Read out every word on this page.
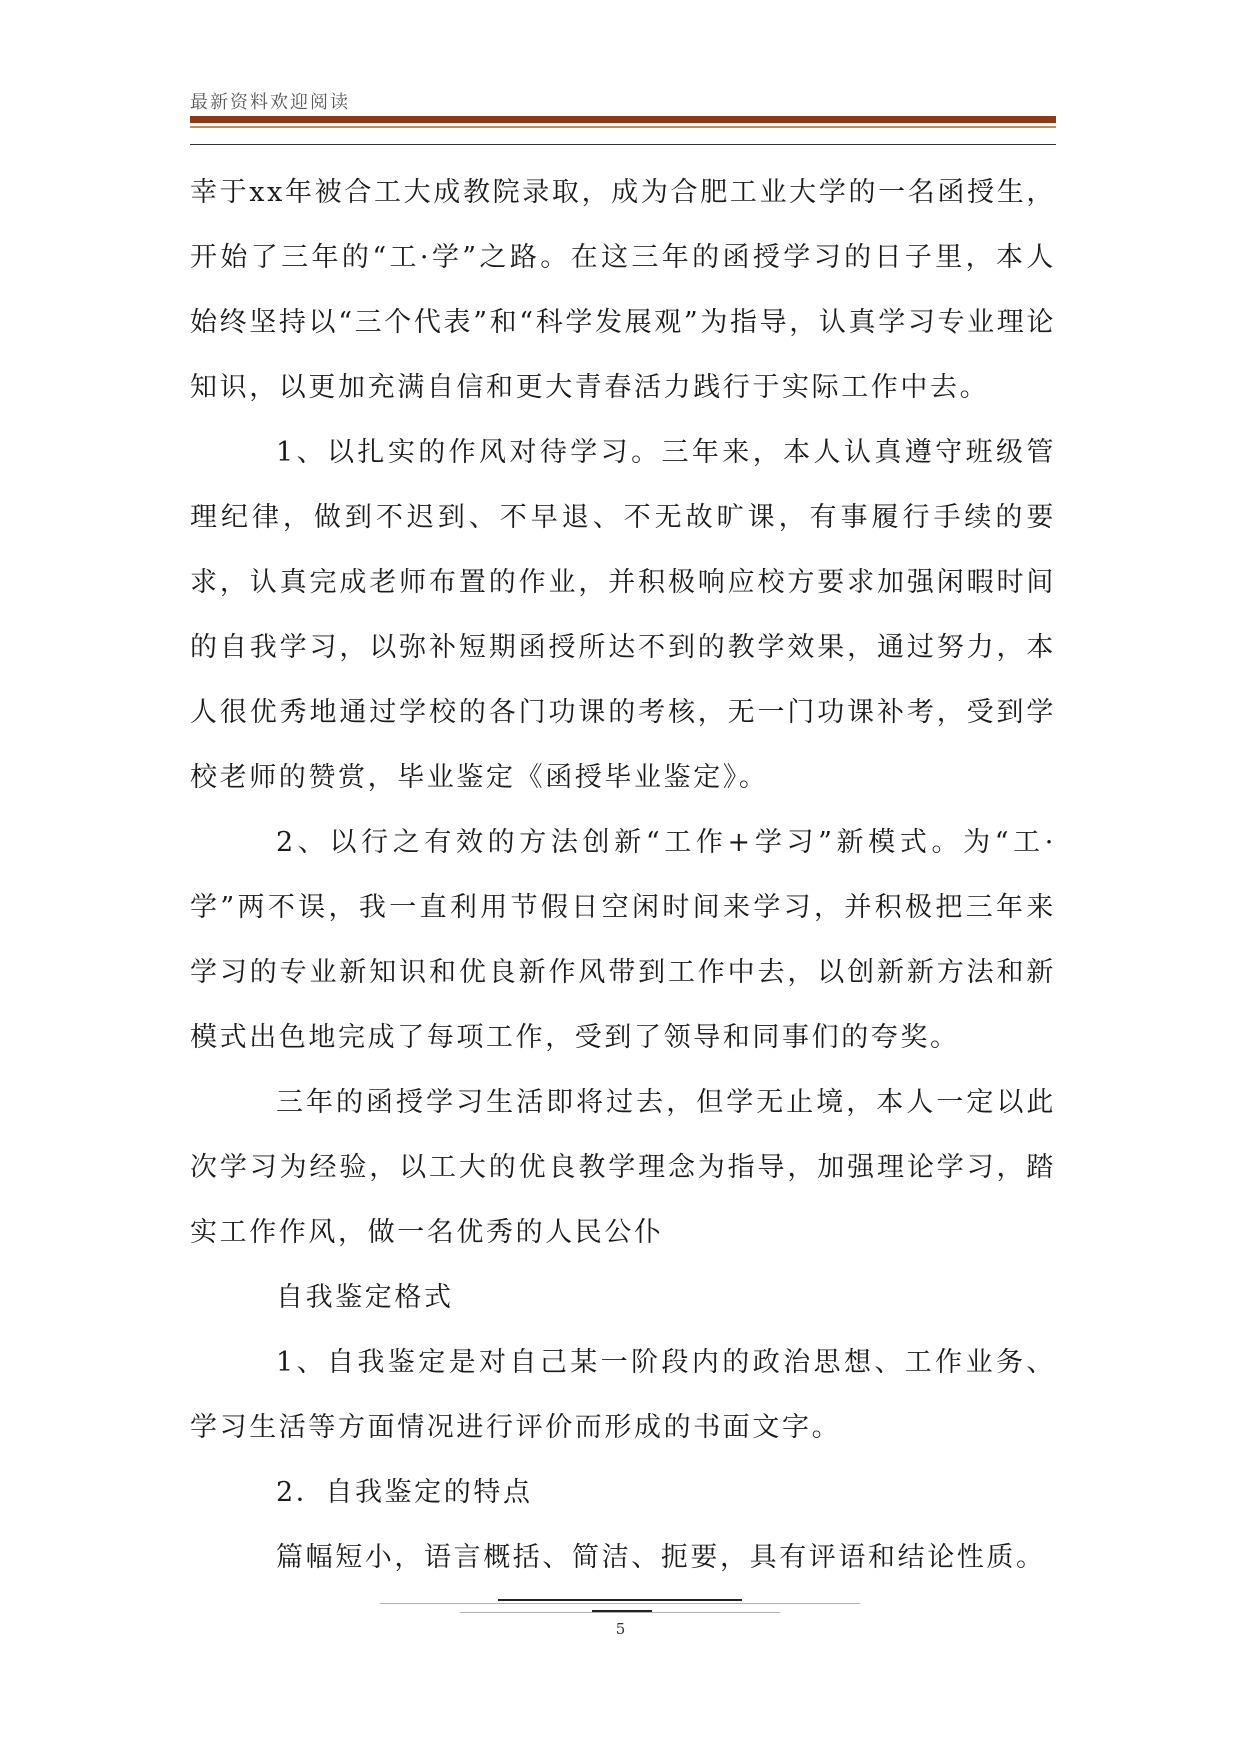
最新资料欢迎阅读

幸于xx年被合工大成教院录取，成为合肥工业大学的一名函授生，开始了三年的“工·学”之路。在这三年的函授学习的日子里，本人始终坚持以“三个代表”和“科学发展观”为指导，认真学习专业理论知识，以更加充满自信和更大青春活力践行于实际工作中去。

1、以扎实的作风对待学习。三年来，本人认真遵守班级管理纪律，做到不迟到、不早退、不无故旷课，有事履行手续的要求，认真完成老师布置的作业，并积极响应校方要求加强闲暇时间的自我学习，以弥补短期函授所达不到的教学效果，通过努力，本人很优秀地通过学校的各门功课的考核，无一门功课补考，受到学校老师的赞赏，毕业鉴定《函授毕业鉴定》。

2、以行之有效的方法创新“工作+学习”新模式。为“工·学”两不误，我一直利用节假日空闲时间来学习，并积极把三年来学习的专业新知识和优良新作风带到工作中去，以创新新方法和新模式出色地完成了每项工作，受到了领导和同事们的夸奖。

三年的函授学习生活即将过去，但学无止境，本人一定以此次学习为经验，以工大的优良教学理念为指导，加强理论学习，踏实工作作风，做一名优秀的人民公仆

自我鉴定格式

1、自我鉴定是对自己某一阶段内的政治思想、工作业务、学习生活等方面情况进行评价而形成的书面文字。

2．自我鉴定的特点

篇幅短小，语言概括、简洁、扼要，具有评语和结论性质。

5
